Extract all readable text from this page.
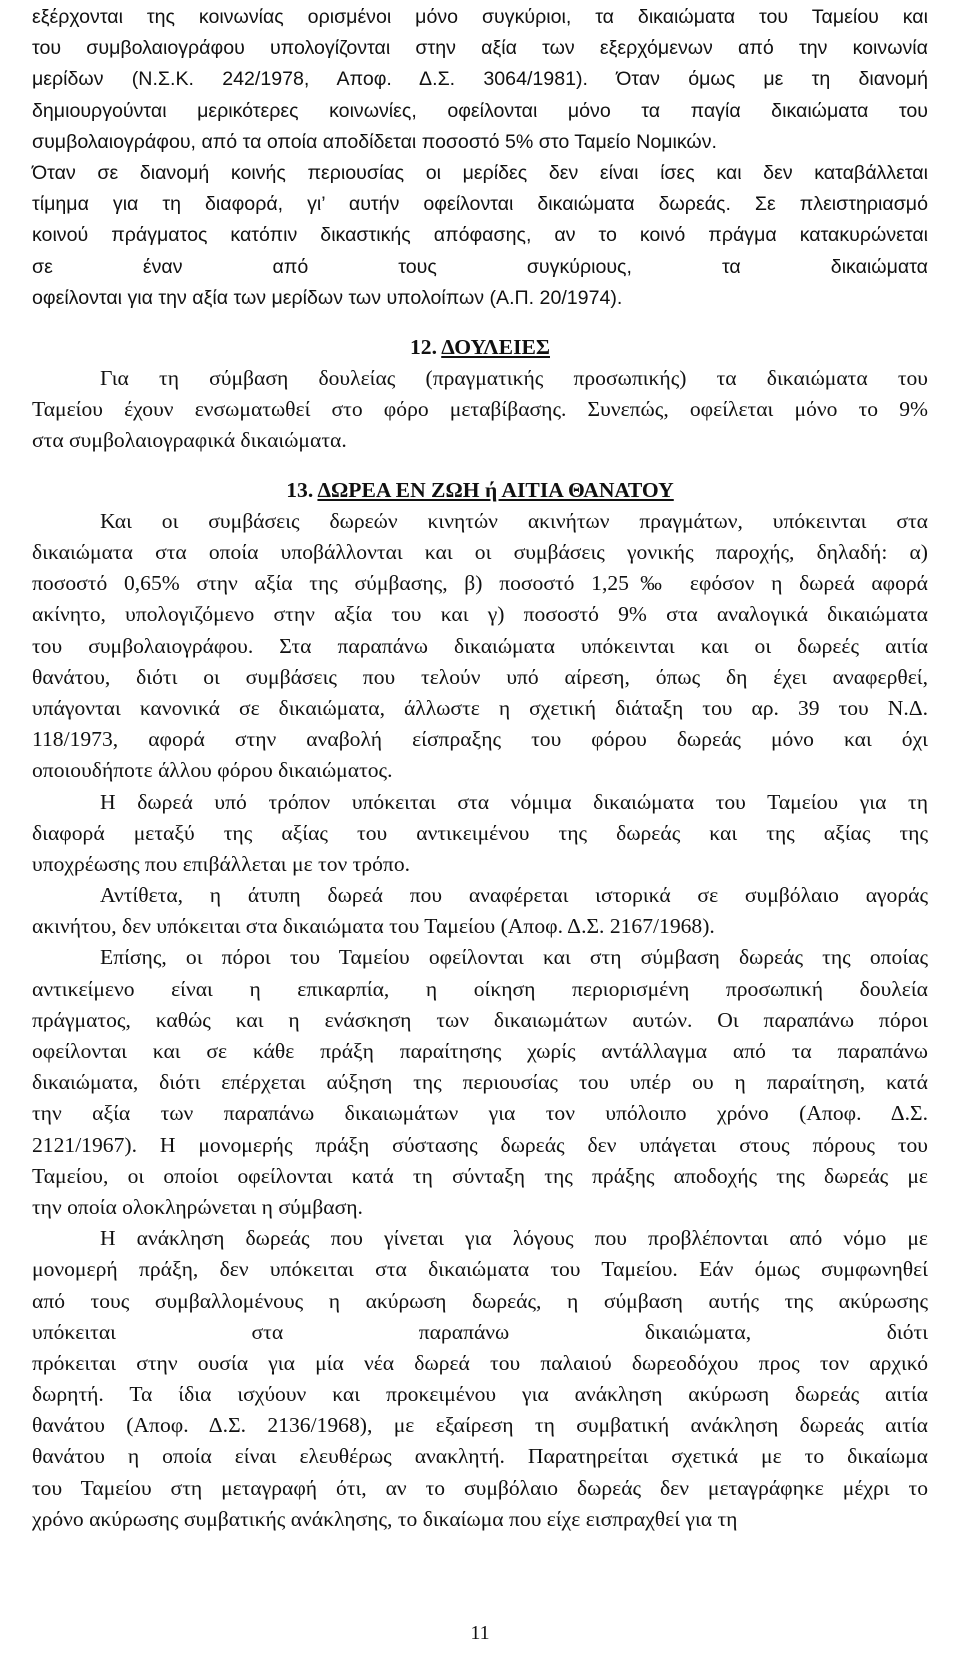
εξέρχονται της κοινωνίας ορισμένοι μόνο συγκύριοι, τα δικαιώματα του Ταμείου και
του συμβολαιογράφου υπολογίζονται στην αξία των εξερχόμενων από την κοινωνία
μερίδων (Ν.Σ.Κ. 242/1978, Αποφ. Δ.Σ. 3064/1981). Όταν όμως με τη διανομή
δημιουργούνται μερικότερες κοινωνίες, οφείλονται μόνο τα παγία δικαιώματα του
συμβολαιογράφου, από τα οποία αποδίδεται ποσοστό 5% στο Ταμείο Νομικών.
Όταν σε διανομή κοινής περιουσίας οι μερίδες δεν είναι ίσες και δεν καταβάλλεται
τίμημα για τη διαφορά, γι’ αυτήν οφείλονται δικαιώματα δωρεάς. Σε πλειστηριασμό
κοινού πράγματος κατόπιν δικαστικής απόφασης, αν το κοινό πράγμα κατακυρώνεται
σε έναν από τους συγκύριους, τα δικαιώματα
οφείλονται για την αξία των μερίδων των υπολοίπων (Α.Π. 20/1974).
12. ΔΟΥΛΕΙΕΣ
Για τη σύμβαση δουλείας (πραγματικής προσωπικής) τα δικαιώματα του
Ταμείου έχουν ενσωματωθεί στο φόρο μεταβίβασης. Συνεπώς, οφείλεται μόνο το 9%
στα συμβολαιογραφικά δικαιώματα.
13. ΔΩΡΕΑ ΕΝ ΖΩΗ ή ΑΙΤΙΑ ΘΑΝΑΤΟΥ
Και οι συμβάσεις δωρεών κινητών ακινήτων πραγμάτων, υπόκεινται στα
δικαιώματα στα οποία υποβάλλονται και οι συμβάσεις γονικής παροχής, δηλαδή: α)
ποσοστό 0,65% στην αξία της σύμβασης, β) ποσοστό 1,25‰ εφόσον η δωρεά αφορά
ακίνητο, υπολογιζόμενο στην αξία του και γ) ποσοστό 9% στα αναλογικά δικαιώματα
του συμβολαιογράφου. Στα παραπάνω δικαιώματα υπόκεινται και οι δωρεές αιτία
θανάτου, διότι οι συμβάσεις που τελούν υπό αίρεση, όπως δη έχει αναφερθεί,
υπάγονται κανονικά σε δικαιώματα, άλλωστε η σχετική διάταξη του αρ. 39 του Ν.Δ.
118/1973, αφορά στην αναβολή είσπραξης του φόρου δωρεάς μόνο και όχι
οποιουδήποτε άλλου φόρου δικαιώματος.
Η δωρεά υπό τρόπον υπόκειται στα νόμιμα δικαιώματα του Ταμείου για τη
διαφορά μεταξύ της αξίας του αντικειμένου της δωρεάς και της αξίας της
υποχρέωσης που επιβάλλεται με τον τρόπο.
Αντίθετα, η άτυπη δωρεά που αναφέρεται ιστορικά σε συμβόλαιο αγοράς
ακινήτου, δεν υπόκειται στα δικαιώματα του Ταμείου (Αποφ. Δ.Σ. 2167/1968).
Επίσης, οι πόροι του Ταμείου οφείλονται και στη σύμβαση δωρεάς της οποίας
αντικείμενο είναι η επικαρπία, η οίκηση περιορισμένη προσωπική δουλεία
πράγματος, καθώς και η ενάσκηση των δικαιωμάτων αυτών. Οι παραπάνω πόροι
οφείλονται και σε κάθε πράξη παραίτησης χωρίς αντάλλαγμα από τα παραπάνω
δικαιώματα, διότι επέρχεται αύξηση της περιουσίας του υπέρ ου η παραίτηση, κατά
την αξία των παραπάνω δικαιωμάτων για τον υπόλοιπο χρόνο (Αποφ. Δ.Σ.
2121/1967). Η μονομερής πράξη σύστασης δωρεάς δεν υπάγεται στους πόρους του
Ταμείου, οι οποίοι οφείλονται κατά τη σύνταξη της πράξης αποδοχής της δωρεάς με
την οποία ολοκληρώνεται η σύμβαση.
Η ανάκληση δωρεάς που γίνεται για λόγους που προβλέπονται από νόμο με
μονομερή πράξη, δεν υπόκειται στα δικαιώματα του Ταμείου. Εάν όμως συμφωνηθεί
από τους συμβαλλομένους η ακύρωση δωρεάς, η σύμβαση αυτής της ακύρωσης
υπόκειται στα παραπάνω δικαιώματα, διότι
πρόκειται στην ουσία για μία νέα δωρεά του παλαιού δωρεοδόχου προς τον αρχικό
δωρητή. Τα ίδια ισχύουν και προκειμένου για ανάκληση ακύρωση δωρεάς αιτία
θανάτου (Αποφ. Δ.Σ. 2136/1968), με εξαίρεση τη συμβατική ανάκληση δωρεάς αιτία
θανάτου η οποία είναι ελευθέρως ανακλητή. Παρατηρείται σχετικά με το δικαίωμα
του Ταμείου στη μεταγραφή ότι, αν το συμβόλαιο δωρεάς δεν μεταγράφηκε μέχρι το
χρόνο ακύρωσης συμβατικής ανάκλησης, το δικαίωμα που είχε εισπραχθεί για τη
11
